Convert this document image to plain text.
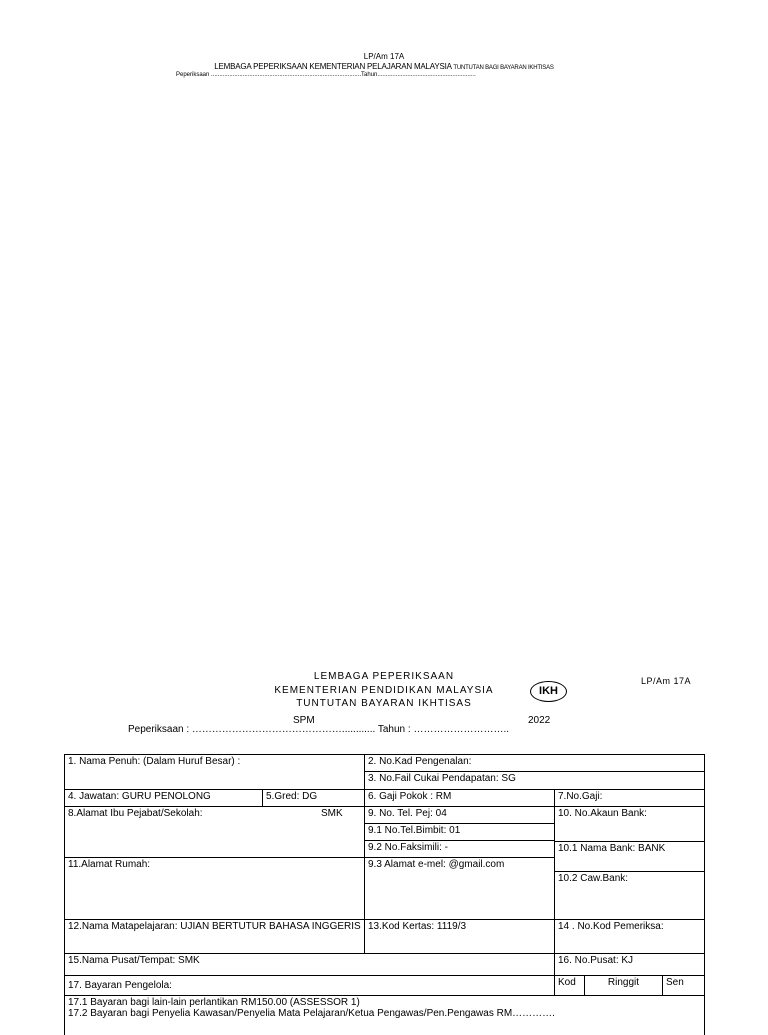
LP/Am 17A
LEMBAGA PEPERIKSAAN KEMENTERIAN PELAJARAN MALAYSIA TUNTUTAN BAGI BAYARAN IKHTISAS
Peperiksaan ..........................................................................................Tahun...........................................................
LEMBAGA PEPERIKSAAN
KEMENTERIAN PENDIDIKAN MALAYSIA
TUNTUTAN BAYARAN IKHTISAS
IKH
LP/Am 17A
SPM	2022
Peperiksaan : ………………………………………............ Tahun : ………………………..
1. Nama Penuh: (Dalam Huruf Besar) :	2. No.Kad Pengenalan:
3. No.Fail Cukai Pendapatan: SG
4. Jawatan: GURU PENOLONG	5.Gred: DG	6. Gaji Pokok : RM	7.No.Gaji:
8.Alamat Ibu Pejabat/Sekolah:	SMK	9. No. Tel. Pej: 04	10. No.Akaun Bank:
9.1 No.Tel.Bimbit: 01
9.2 No.Faksimili: -	10.1 Nama Bank: BANK
11.Alamat Rumah:	9.3 Alamat e-mel: @gmail.com
10.2 Caw.Bank:
12.Nama Matapelajaran: UJIAN BERTUTUR BAHASA INGGERIS 13.Kod Kertas: 1119/3	14 . No.Kod Pemeriksa:
15.Nama Pusat/Tempat: SMK	16. No.Pusat: KJ
17. Bayaran Pengelola:	Kod	Ringgit	Sen
17.1 Bayaran bagi lain-lain perlantikan RM150.00 (ASSESSOR 1)
17.2 Bayaran bagi Penyelia Kawasan/Penyelia Mata Pelajaran/Ketua Pengawas/Pen.Pengawas RM………….
